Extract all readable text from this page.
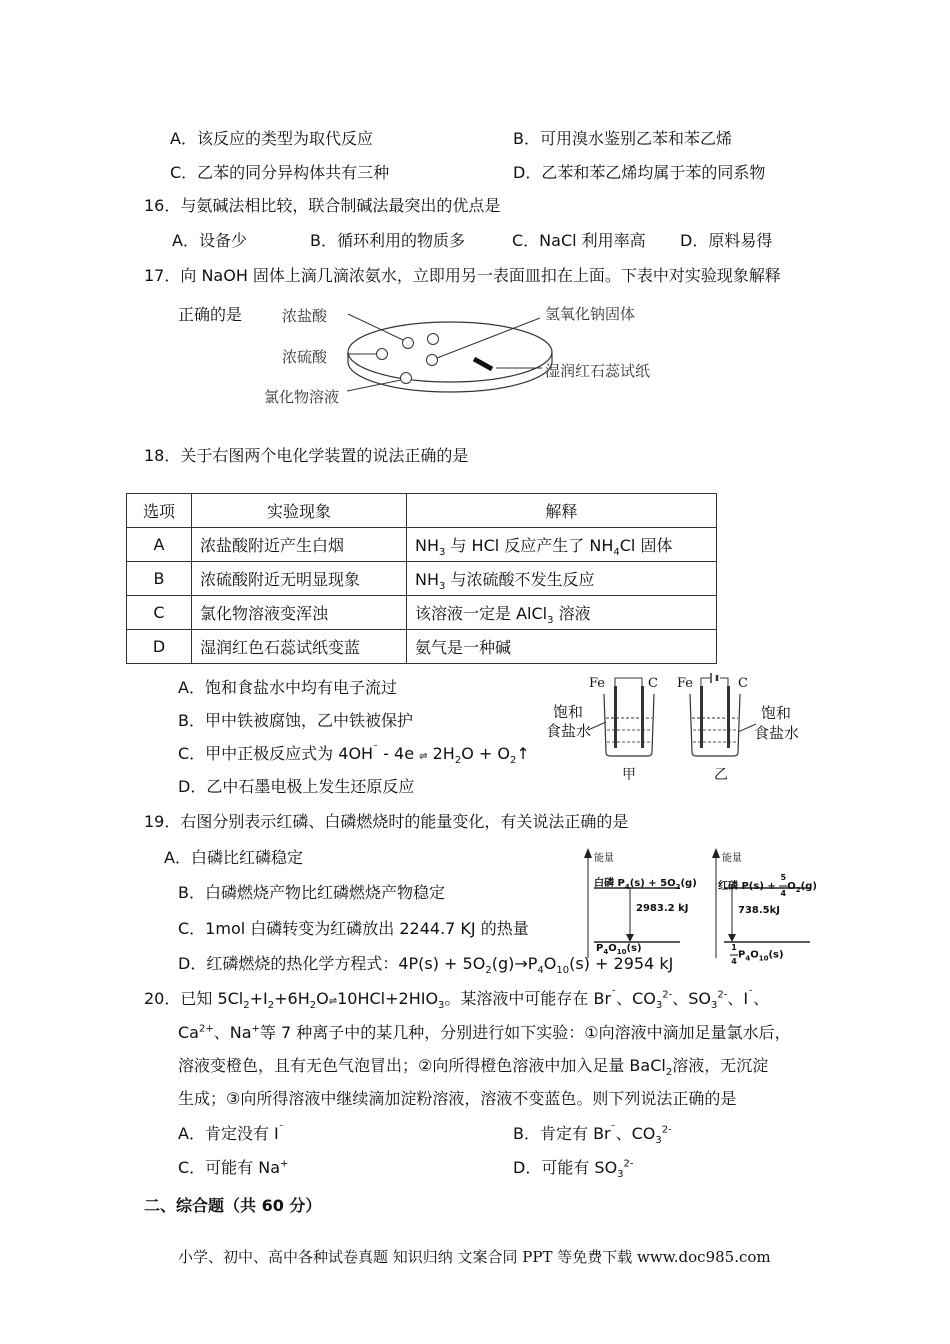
A．该反应的类型为取代反应	B．可用溴水鉴别乙苯和苯乙烯
C．乙苯的同分异构体共有三种	D．乙苯和苯乙烯均属于苯的同系物
16．与氨碱法相比较，联合制碱法最突出的优点是
A．设备少	B．循环利用的物质多	C．NaCl 利用率高 D．原料易得
17．向 NaOH 固体上滴几滴浓氨水，立即用另一表面皿扣在上面。下表中对实验现象解释
正确的是	浓盐酸
浓硫酸
氯化物溶液
氢氧化钠固体
湿润红石蕊试纸
18．关于右图两个电化学装置的说法正确的是
选项	实验现象	解释
A	浓盐酸附近产生白烟	$NH_3$ 与 HCl 反应产生了 $NH_4Cl$ 固体
B	浓硫酸附近无明显现象	$NH_3$ 与浓硫酸不发生反应
C	氯化物溶液变浑浊	该溶液一定是 AlCl$_3$ 溶液
D	湿润红色石蕊试纸变蓝	氨气是一种碱
A．饱和食盐水中均有电子流过
B．甲中铁被腐蚀，乙中铁被保护
C．甲中正极反应式为 $4OH^ˉ - 4e$ ⇌ $2H_2O$ + $O_2↑$
D．乙中石墨电极上发生还原反应
Fe	C Fe	C
饱和
食盐水
饱和
食盐水
甲	乙
19．右图分别表示红磷、白磷燃烧时的能量变化，有关说法正确的是
A．白磷比红磷稳定
B．白磷燃烧产物比红磷燃烧产物稳定
C．1mol 白磷转变为红磷放出 2244.7 KJ 的热量
D．红磷燃烧的热化学方程式：$4P(s) + 5O_2(g)\to P_4O_{10}(s) + 2954$ kJ
能量	能量
白磷 $P_4(s) + 5O_2(g)$
2983.2 kJ
$P_4O_{10}(s)$
红磷 P(s) + 5
―
$4O_2(g)$
738.5kJ
1
―
$4P_4O_{10}(s)$
20．已知 $5Cl_2+I_2+6H_2O\rightleftharpoons 10HCl+2HIO_3$。某溶液中可能存在 $Br^ˉ$、$CO_3^{2-}$、$SO_3^{2-}$、$I^ˉ$、
$Ca^{2+}$、Na+等 7 种离子中的某几种，分别进行如下实验：①向溶液中滴加足量氯水后，
溶液变橙色，且有无色气泡冒出；②向所得橙色溶液中加入足量 BaCl$_2$溶液，无沉淀
生成；③向所得溶液中继续滴加淀粉溶液，溶液不变蓝色。则下列说法正确的是
A．肯定没有 $I^ˉ$	B．肯定有 $Br^ˉ$、$CO_3^{2-}$
C．可能有 Na+	D．可能有 $SO_3^{2-}$
二、综合题（共 60 分）
小学、初中、高中各种试卷真题 知识归纳 文案合同 PPT 等免费下载 www.doc985.com
